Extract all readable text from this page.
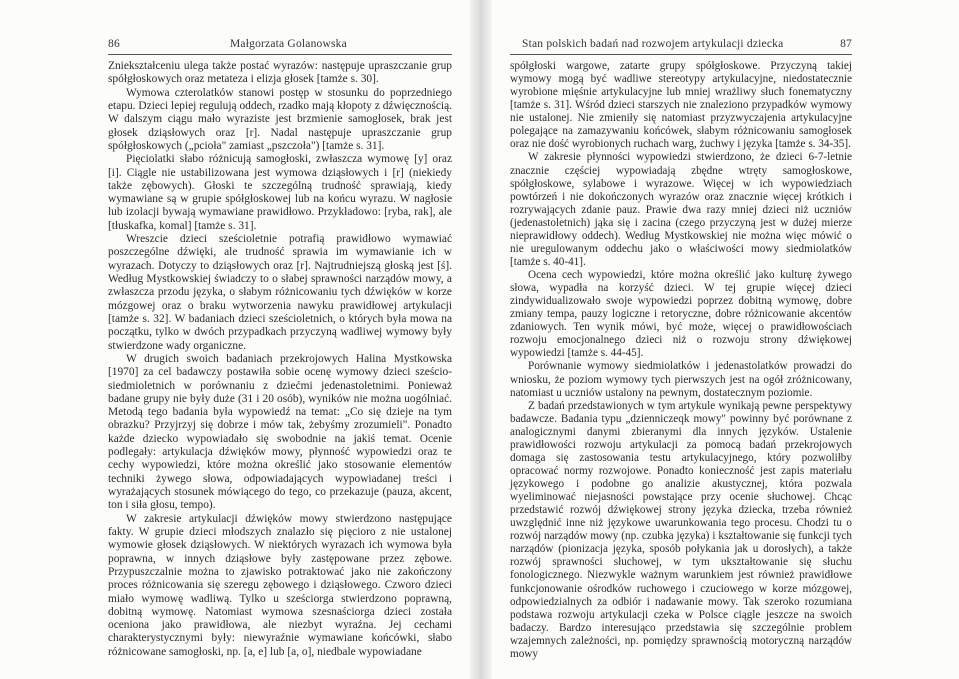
86	Małgorzata Golanowska

Zniekształceniu ulega także postać wyrazów: następuje upraszczanie grup spółgłoskowych oraz metateza i elizja głosek [tamże s. 30].

Wymowa czterolatków stanowi postęp w stosunku do poprzedniego etapu. Dzieci lepiej regulują oddech, rzadko mają kłopoty z dźwięcznością. W dalszym ciągu mało wyraziste jest brzmienie samogłosek, brak jest głosek dziąsłowych oraz [r]. Nadal następuje upraszczanie grup spółgłoskowych („pcioła" zamiast „pszczoła") [tamże s. 31].

Pięciolatki słabo różnicują samogłoski, zwłaszcza wymowę [y] oraz [i]. Ciągle nie ustabilizowana jest wymowa dziąsłowych i [r] (niekiedy także zębowych). Głoski te szczególną trudność sprawiają, kiedy wymawiane są w grupie spółgłoskowej lub na końcu wyrazu. W nagłosie lub izolacji bywają wymawiane prawidłowo. Przykładowo: [ryba, rak], ale [tłuskafka, komal] [tamże s. 31].

Wreszcie dzieci sześcioletnie potrafią prawidłowo wymawiać poszczególne dźwięki, ale trudność sprawia im wymawianie ich w wyrazach. Dotyczy to dziąsłowych oraz [r]. Najtrudniejszą głoską jest [ś]. Według Mystkowskiej świadczy to o słabej sprawności narządów mowy, a zwłaszcza przodu języka, o słabym różnicowaniu tych dźwięków w korze mózgowej oraz o braku wytworzenia nawyku prawidłowej artykulacji [tamże s. 32]. W badaniach dzieci sześcioletnich, o których była mowa na początku, tylko w dwóch przypadkach przyczyną wadliwej wymowy były stwierdzone wady organiczne.

W drugich swoich badaniach przekrojowych Halina Mystkowska [1970] za cel badawczy postawiła sobie ocenę wymowy dzieci sześcio-siedmioletnich w porównaniu z dziećmi jedenastoletnimi. Ponieważ badane grupy nie były duże (31 i 20 osób), wyników nie można uogólniać. Metodą tego badania była wypowiedź na temat: „Co się dzieje na tym obrazku? Przyjrzyj się dobrze i mów tak, żebyśmy zrozumieli". Ponadto każde dziecko wypowiadało się swobodnie na jakiś temat. Ocenie podlegały: artykulacja dźwięków mowy, płynność wypowiedzi oraz te cechy wypowiedzi, które można określić jako stosowanie elementów techniki żywego słowa, odpowiadających wypowiadanej treści i wyrażających stosunek mówiącego do tego, co przekazuje (pauza, akcent, ton i siła głosu, tempo).

W zakresie artykulacji dźwięków mowy stwierdzono następujące fakty. W grupie dzieci młodszych znalazło się pięcioro z nie ustalonej wymowie głosek dziąsłowych. W niektórych wyrazach ich wymowa była poprawna, w innych dziąsłowe były zastępowane przez zębowe. Przypuszczalnie można to zjawisko potraktować jako nie zakończony proces różnicowania się szeregu zębowego i dziąsłowego. Czworo dzieci miało wymowę wadliwą. Tylko u sześciorga stwierdzono poprawną, dobitną wymowę. Natomiast wymowa szesnaściorga dzieci została oceniona jako prawidłowa, ale niezbyt wyraźna. Jej cechami charakterystycznymi były: niewyraźnie wymawiane końcówki, słabo różnicowane samogłoski, np. [a, e] lub [a, o], niedbale wypowiadane

Stan polskich badań nad rozwojem artykulacji dziecka	87

spółgłoski wargowe, zatarte grupy spółgłoskowe. Przyczyną takiej wymowy mogą być wadliwe stereotypy artykulacyjne, niedostatecznie wyrobione mięśnie artykulacyjne lub mniej wrażliwy słuch fonematyczny [tamże s. 31]. Wśród dzieci starszych nie znaleziono przypadków wymowy nie ustalonej. Nie zmieniły się natomiast przyzwyczajenia artykulacyjne polegające na zamazywaniu końcówek, słabym różnicowaniu samogłosek oraz nie dość wyrobionych ruchach warg, żuchwy i języka [tamże s. 34-35].

W zakresie płynności wypowiedzi stwierdzono, że dzieci 6-7-letnie znacznie częściej wypowiadają zbędne wtręty samogłoskowe, spółgłoskowe, sylabowe i wyrazowe. Więcej w ich wypowiedziach powtórzeń i nie dokończonych wyrazów oraz znacznie więcej krótkich i rozrywających zdanie pauz. Prawie dwa razy mniej dzieci niż uczniów (jedenastoletnich) jąka się i zacina (czego przyczyną jest w dużej mierze nieprawidłowy oddech). Według Mystkowskiej nie można więc mówić o nie uregulowanym oddechu jako o właściwości mowy siedmiolatków [tamże s. 40-41].

Ocena cech wypowiedzi, które można określić jako kulturę żywego słowa, wypadła na korzyść dzieci. W tej grupie więcej dzieci zindywidualizowało swoje wypowiedzi poprzez dobitną wymowę, dobre zmiany tempa, pauzy logiczne i retoryczne, dobre różnicowanie akcentów zdaniowych. Ten wynik mówi, być może, więcej o prawidłowościach rozwoju emocjonalnego dzieci niż o rozwoju strony dźwiękowej wypowiedzi [tamże s. 44-45].

Porównanie wymowy siedmiolatków i jedenastolatków prowadzi do wniosku, że poziom wymowy tych pierwszych jest na ogół zróżnicowany, natomiast u uczniów ustalony na pewnym, dostatecznym poziomie.

Z badań przedstawionych w tym artykule wynikają pewne perspektywy badawcze. Badania typu „dzienniczeqk mowy" powinny być porównane z analogicznymi danymi zbieranymi dla innych języków. Ustalenie prawidłowości rozwoju artykulacji za pomocą badań przekrojowych domaga się zastosowania testu artykulacyjnego, który pozwoliłby opracować normy rozwojowe. Ponadto konieczność jest zapis materiału językowego i podobne go analizie akustycznej, która pozwala wyeliminować niejasności powstające przy ocenie słuchowej. Chcąc przedstawić rozwój dźwiękowej strony języka dziecka, trzeba również uwzględnić inne niż językowe uwarunkowania tego procesu. Chodzi tu o rozwój narządów mowy (np. czubka języka) i kształtowanie się funkcji tych narządów (pionizacja języka, sposób połykania jak u dorosłych), a także rozwój sprawności słuchowej, w tym ukształtowanie się słuchu fonologicznego. Niezwykle ważnym warunkiem jest również prawidłowe funkcjonowanie ośrodków ruchowego i czuciowego w korze mózgowej, odpowiedzialnych za odbiór i nadawanie mowy. Tak szeroko rozumiana podstawa rozwoju artykulacji czeka w Polsce ciągle jeszcze na swoich badaczy. Bardzo interesująco przedstawia się szczególnie problem wzajemnych zależności, np. pomiędzy sprawnością motoryczną narządów mowy
